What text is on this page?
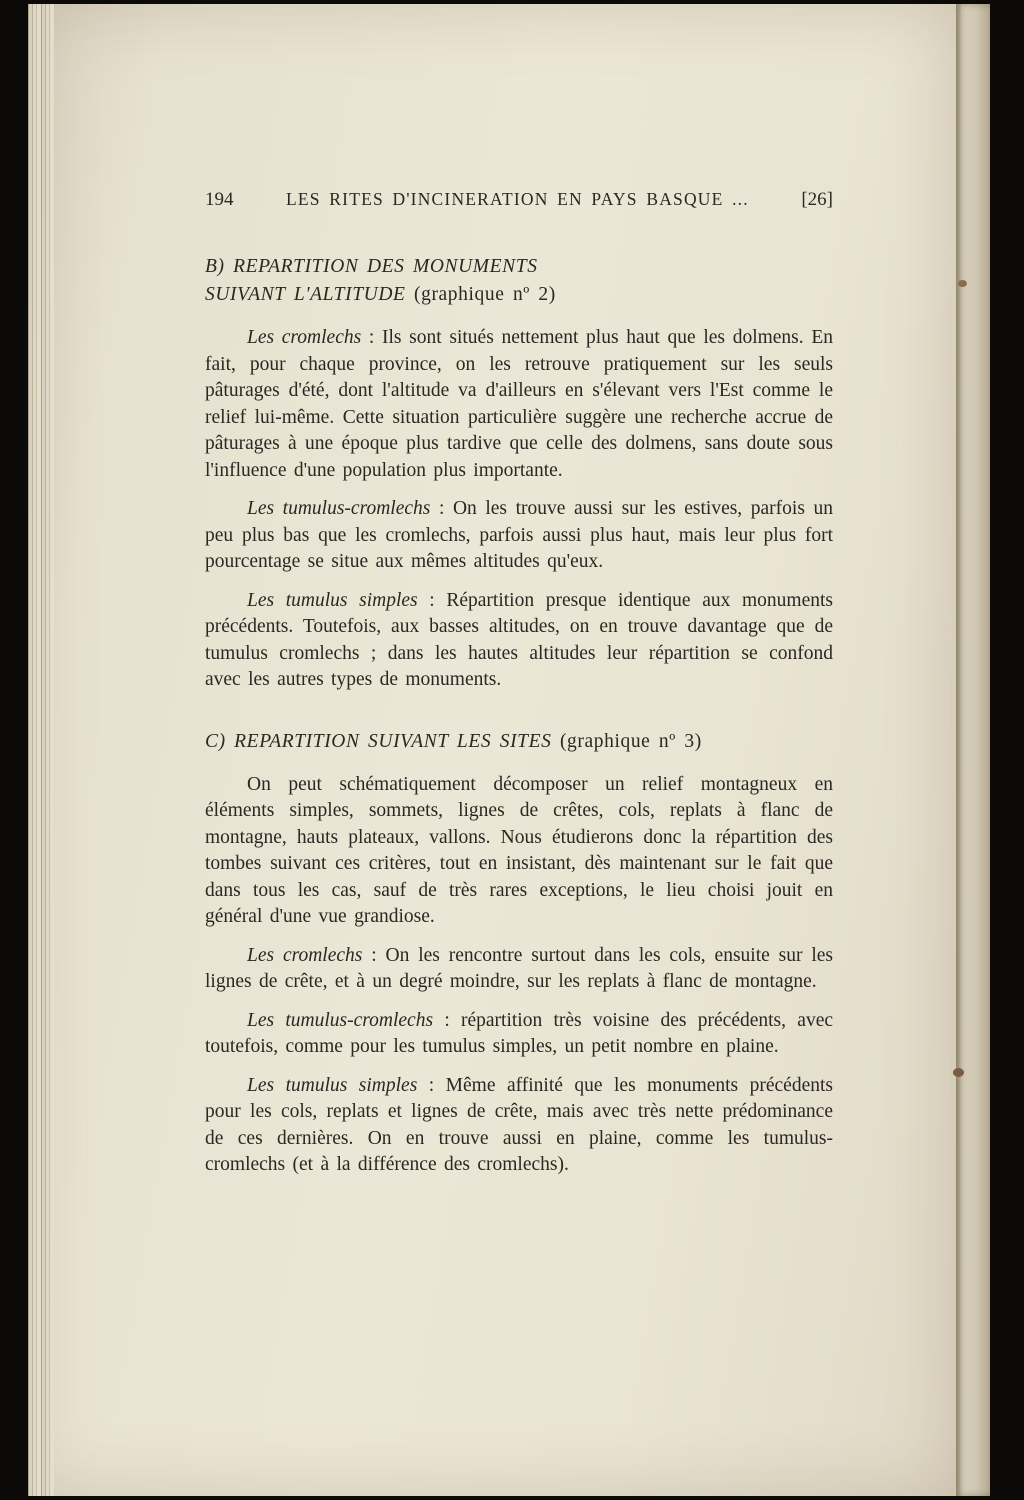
194	LES RITES D'INCINERATION EN PAYS BASQUE ...	[26]
B) REPARTITION DES MONUMENTS
SUIVANT L'ALTITUDE (graphique nº 2)

Les cromlechs : Ils sont situés nettement plus haut que les dolmens. En fait, pour chaque province, on les retrouve pratiquement sur les seuls pâturages d'été, dont l'altitude va d'ailleurs en s'élevant vers l'Est comme le relief lui-même. Cette situation particulière suggère une recherche accrue de pâturages à une époque plus tardive que celle des dolmens, sans doute sous l'influence d'une population plus importante.

Les tumulus-cromlechs : On les trouve aussi sur les estives, parfois un peu plus bas que les cromlechs, parfois aussi plus haut, mais leur plus fort pourcentage se situe aux mêmes altitudes qu'eux.

Les tumulus simples : Répartition presque identique aux monuments précédents. Toutefois, aux basses altitudes, on en trouve davantage que de tumulus cromlechs ; dans les hautes altitudes leur répartition se confond avec les autres types de monuments.

C) REPARTITION SUIVANT LES SITES (graphique nº 3)

On peut schématiquement décomposer un relief montagneux en éléments simples, sommets, lignes de crêtes, cols, replats à flanc de montagne, hauts plateaux, vallons. Nous étudierons donc la répartition des tombes suivant ces critères, tout en insistant, dès maintenant sur le fait que dans tous les cas, sauf de très rares exceptions, le lieu choisi jouit en général d'une vue grandiose.

Les cromlechs : On les rencontre surtout dans les cols, ensuite sur les lignes de crête, et à un degré moindre, sur les replats à flanc de montagne.

Les tumulus-cromlechs : répartition très voisine des précédents, avec toutefois, comme pour les tumulus simples, un petit nombre en plaine.

Les tumulus simples : Même affinité que les monuments précédents pour les cols, replats et lignes de crête, mais avec très nette prédominance de ces dernières. On en trouve aussi en plaine, comme les tumulus-cromlechs (et à la différence des cromlechs).
